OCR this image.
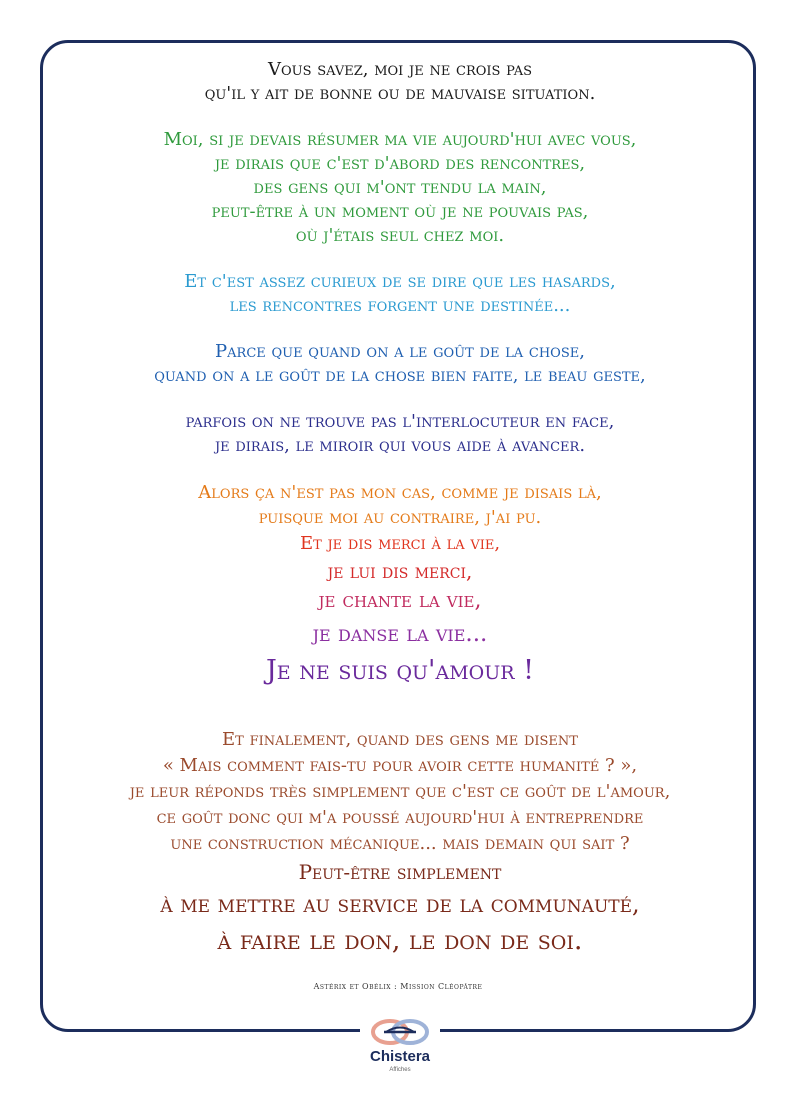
Vous savez, moi je ne crois pas
qu'il y ait de bonne ou de mauvaise situation.
Moi, si je devais résumer ma vie aujourd'hui avec vous,
je dirais que c'est d'abord des rencontres,
des gens qui m'ont tendu la main,
peut-être à un moment où je ne pouvais pas,
où j'étais seul chez moi.
Et c'est assez curieux de se dire que les hasards,
les rencontres forgent une destinée...
Parce que quand on a le goût de la chose,
quand on a le goût de la chose bien faite, le beau geste,
parfois on ne trouve pas l'interlocuteur en face,
je dirais, le miroir qui vous aide à avancer.
Alors ça n'est pas mon cas, comme je disais là,
puisque moi au contraire, j'ai pu.
Et je dis merci à la vie,
je lui dis merci,
je chante la vie,
je danse la vie...
Je ne suis qu'amour !
Et finalement, quand des gens me disent
« Mais comment fais-tu pour avoir cette humanité ? »,
je leur réponds très simplement que c'est ce goût de l'amour,
ce goût donc qui m'a poussé aujourd'hui à entreprendre
une construction mécanique... mais demain qui sait ?
Peut-être simplement
à me mettre au service de la communauté,
à faire le don, le don de soi.
Astérix et Obélix : Mission Cléopâtre
Chistera
Affiches
